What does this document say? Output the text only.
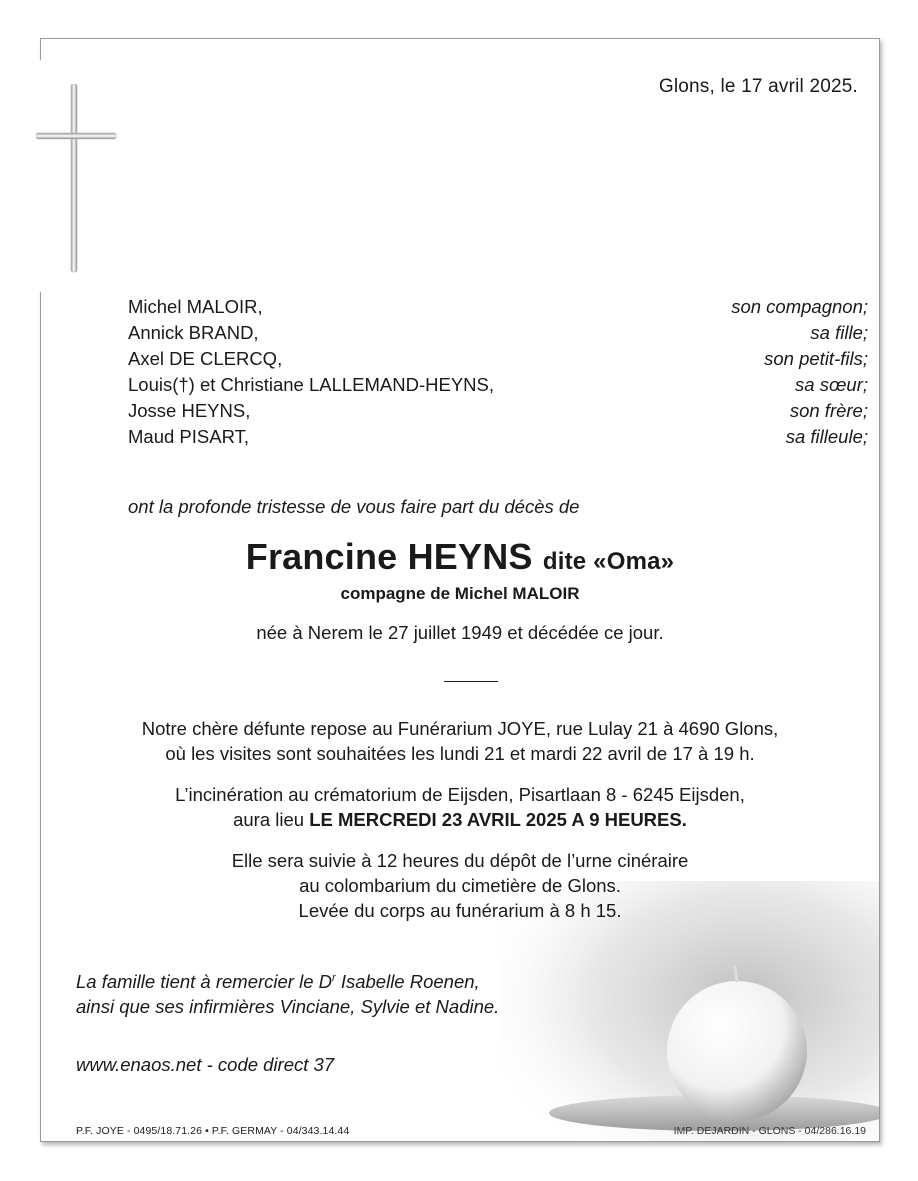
Glons, le 17 avril 2025.
Michel MALOIR,	son compagnon;
Annick BRAND,	sa fille;
Axel DE CLERCQ,	son petit-fils;
Louis(†) et Christiane LALLEMAND-HEYNS,	sa sœur;
Josse HEYNS,	son frère;
Maud PISART,	sa filleule;
ont la profonde tristesse de vous faire part du décès de
Francine HEYNS dite «Oma»
compagne de Michel MALOIR
née à Nerem le 27 juillet 1949 et décédée ce jour.
Notre chère défunte repose au Funérarium JOYE, rue Lulay 21 à 4690 Glons,
où les visites sont souhaitées les lundi 21 et mardi 22 avril de 17 à 19 h.
L’incinération au crématorium de Eijsden, Pisartlaan 8 - 6245 Eijsden,
aura lieu LE MERCREDI 23 AVRIL 2025 A 9 HEURES.
Elle sera suivie à 12 heures du dépôt de l’urne cinéraire
au colombarium du cimetière de Glons.
Levée du corps au funérarium à 8 h 15.
La famille tient à remercier le $D^r$ Isabelle Roenen,
ainsi que ses infirmières Vinciane, Sylvie et Nadine.
www.enaos.net - code direct 37
P.F. JOYE - 0495/18.71.26 • P.F. GERMAY - 04/343.14.44	IMP. DEJARDIN - GLONS - 04/286.16.19
